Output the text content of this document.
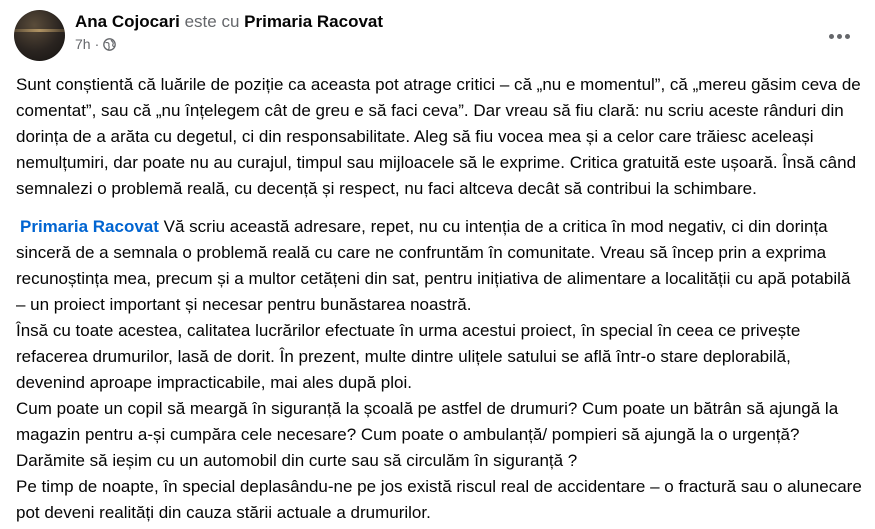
Ana Cojocari este cu Primaria Racovat
7h ·

Sunt conștientă că luările de poziție ca aceasta pot atrage critici – că „nu e momentul”, că „mereu găsim ceva de comentat”, sau că „nu înțelegem cât de greu e să faci ceva”. Dar vreau să fiu clară: nu scriu aceste rânduri din dorința de a arăta cu degetul, ci din responsabilitate. Aleg să fiu vocea mea și a celor care trăiesc aceleași nemulțumiri, dar poate nu au curajul, timpul sau mijloacele să le exprime. Critica gratuită este ușoară. Însă când semnalezi o problemă reală, cu decență și respect, nu faci altceva decât să contribui la schimbare.

Primaria Racovat Vă scriu această adresare, repet, nu cu intenția de a critica în mod negativ, ci din dorința sinceră de a semnala o problemă reală cu care ne confruntăm în comunitate. Vreau să încep prin a exprima recunoștința mea, precum și a multor cetățeni din sat, pentru inițiativa de alimentare a localității cu apă potabilă – un proiect important și necesar pentru bunăstarea noastră.
Însă cu toate acestea, calitatea lucrărilor efectuate în urma acestui proiect, în special în ceea ce privește refacerea drumurilor, lasă de dorit. În prezent, multe dintre ulițele satului se află într-o stare deplorabilă, devenind aproape impracticabile, mai ales după ploi.
Cum poate un copil să meargă în siguranță la școală pe astfel de drumuri? Cum poate un bătrân să ajungă la magazin pentru a-și cumpăra cele necesare? Cum poate o ambulanță/ pompieri să ajungă la o urgență? Darămite să ieșim cu un automobil din curte sau să circulăm în siguranță ?
Pe timp de noapte, în special deplasându-ne pe jos există riscul real de accidentare – o fractură sau o alunecare pot deveni realități din cauza stării actuale a drumurilor.
